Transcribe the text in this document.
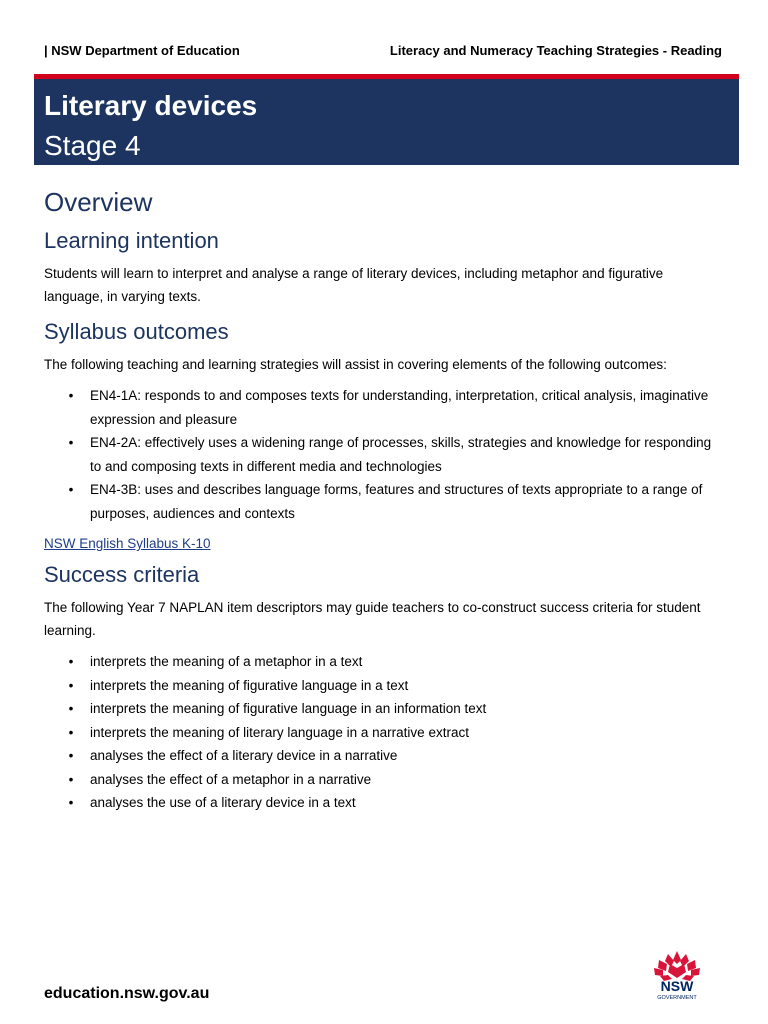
| NSW Department of Education	Literacy and Numeracy Teaching Strategies - Reading
Literary devices
Stage 4
Overview
Learning intention

Students will learn to interpret and analyse a range of literary devices, including metaphor and figurative language, in varying texts.

Syllabus outcomes

The following teaching and learning strategies will assist in covering elements of the following outcomes:

• EN4-1A: responds to and composes texts for understanding, interpretation, critical analysis, imaginative expression and pleasure
• EN4-2A: effectively uses a widening range of processes, skills, strategies and knowledge for responding to and composing texts in different media and technologies
• EN4-3B: uses and describes language forms, features and structures of texts appropriate to a range of purposes, audiences and contexts
NSW English Syllabus K-10
Success criteria

The following Year 7 NAPLAN item descriptors may guide teachers to co-construct success criteria for student learning.

• interprets the meaning of a metaphor in a text
• interprets the meaning of figurative language in a text
• interprets the meaning of figurative language in an information text
• interprets the meaning of literary language in a narrative extract
• analyses the effect of a literary device in a narrative
• analyses the effect of a metaphor in a narrative
• analyses the use of a literary device in a text
education.nsw.gov.au	NSW
GOVERNMENT
